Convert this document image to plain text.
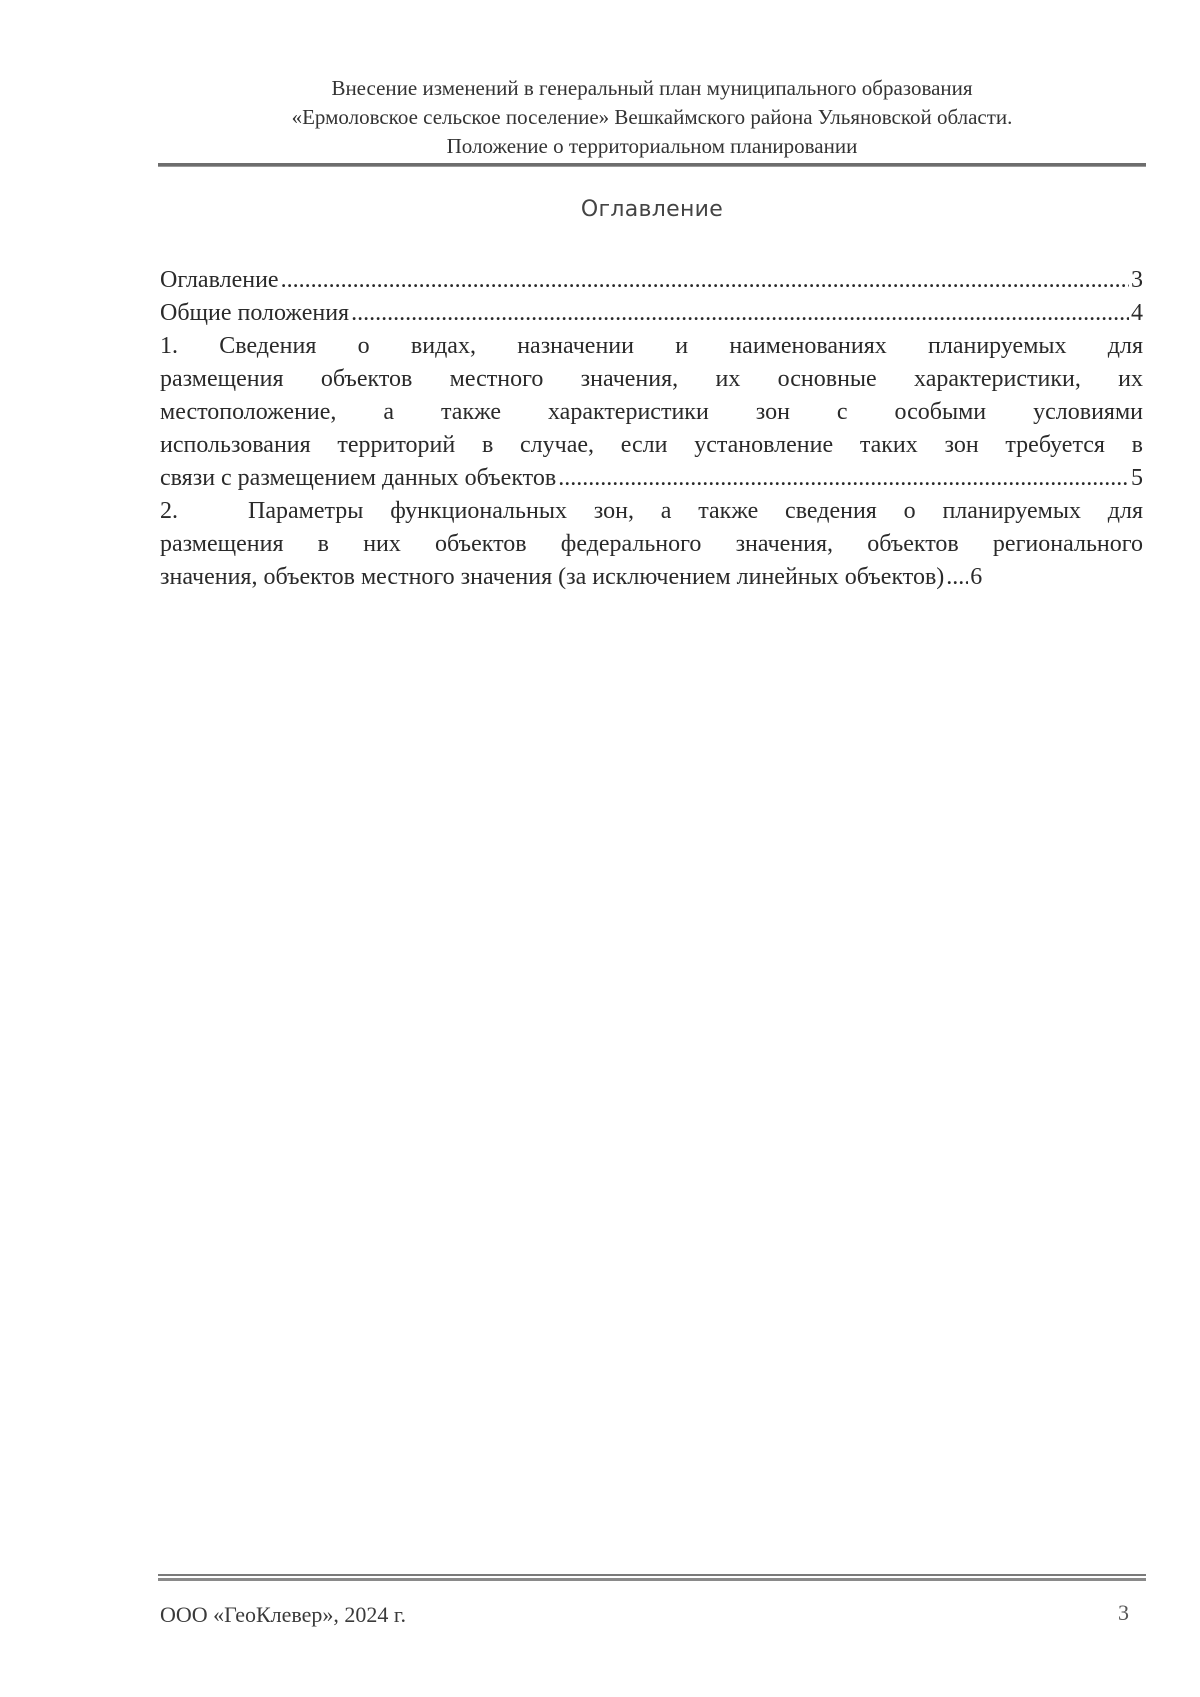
Внесение изменений в генеральный план муниципального образования
«Ермоловское сельское поселение» Вешкаймского района Ульяновской области.
Положение о территориальном планировании
Оглавление
Оглавление .....	3
Общие положения .....	4
1. Сведения о видах, назначении и наименованиях планируемых для
размещения объектов местного значения, их основные характеристики, их
местоположение, а также характеристики зон с особыми условиями
использования территорий в случае, если установление таких зон требуется в
связи с размещением данных объектов .....	5
2.	Параметры функциональных зон, а также сведения о планируемых для
размещения в них объектов федерального значения, объектов регионального
значения, объектов местного значения (за исключением линейных объектов) ..... 6
ООО «ГеоКлевер», 2024 г.	3
